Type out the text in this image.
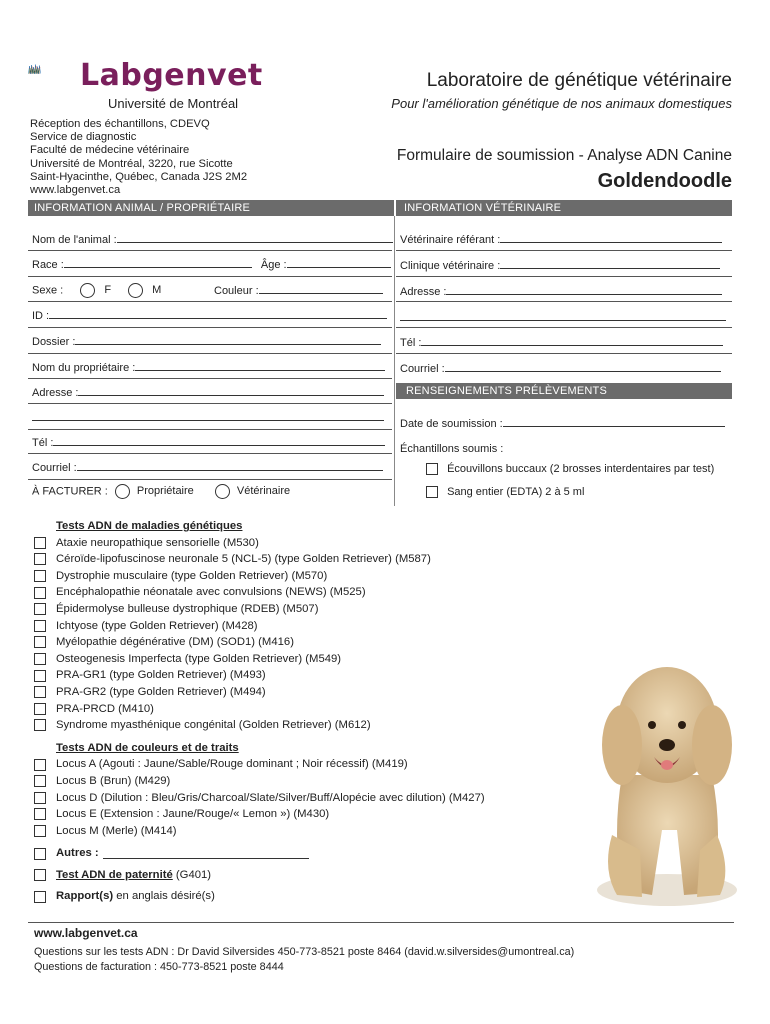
Labgenvet
Université de Montréal
Laboratoire de génétique vétérinaire
Pour l'amélioration génétique de nos animaux domestiques
Réception des échantillons, CDEVQ
Service de diagnostic
Faculté de médecine vétérinaire
Université de Montréal, 3220, rue Sicotte
Saint-Hyacinthe, Québec, Canada J2S 2M2
www.labgenvet.ca
Formulaire de soumission - Analyse ADN Canine
Goldendoodle
INFORMATION ANIMAL / PROPRIÉTAIRE	INFORMATION VÉTÉRINAIRE
Nom de l'animal :
Race :	Âge :
Sexe :	F	M	Couleur :
ID :
Dossier :
Nom du propriétaire :
Adresse :
Tél :
Courriel :
À FACTURER :	Propriétaire	Vétérinaire
Vétérinaire référant :
Clinique vétérinaire :
Adresse :
Tél :
Courriel :
RENSEIGNEMENTS PRÉLÈVEMENTS
Date de soumission :
Échantillons soumis :
Écouvillons buccaux (2 brosses interdentaires par test)
Sang entier (EDTA) 2 à 5 ml
Tests ADN de maladies génétiques
Ataxie neuropathique sensorielle (M530)
Céroïde-lipofuscinose neuronale 5 (NCL-5) (type Golden Retriever) (M587)
Dystrophie musculaire (type Golden Retriever) (M570)
Encéphalopathie néonatale avec convulsions (NEWS) (M525)
Épidermolyse bulleuse dystrophique (RDEB) (M507)
Ichtyose (type Golden Retriever) (M428)
Myélopathie dégénérative (DM) (SOD1) (M416)
Osteogenesis Imperfecta (type Golden Retriever) (M549)
PRA-GR1 (type Golden Retriever) (M493)
PRA-GR2 (type Golden Retriever) (M494)
PRA-PRCD (M410)
Syndrome myasthénique congénital (Golden Retriever) (M612)
Tests ADN de couleurs et de traits
Locus A (Agouti : Jaune/Sable/Rouge dominant ; Noir récessif) (M419)
Locus B (Brun) (M429)
Locus D (Dilution : Bleu/Gris/Charcoal/Slate/Silver/Buff/Alopécie avec dilution) (M427)
Locus E (Extension : Jaune/Rouge/« Lemon ») (M430)
Locus M (Merle) (M414)
Autres :
Test ADN de paternité (G401)
Rapport(s) en anglais désiré(s)
www.labgenvet.ca
Questions sur les tests ADN : Dr David Silversides 450-773-8521 poste 8464 (david.w.silversides@umontreal.ca)
Questions de facturation : 450-773-8521 poste 8444
